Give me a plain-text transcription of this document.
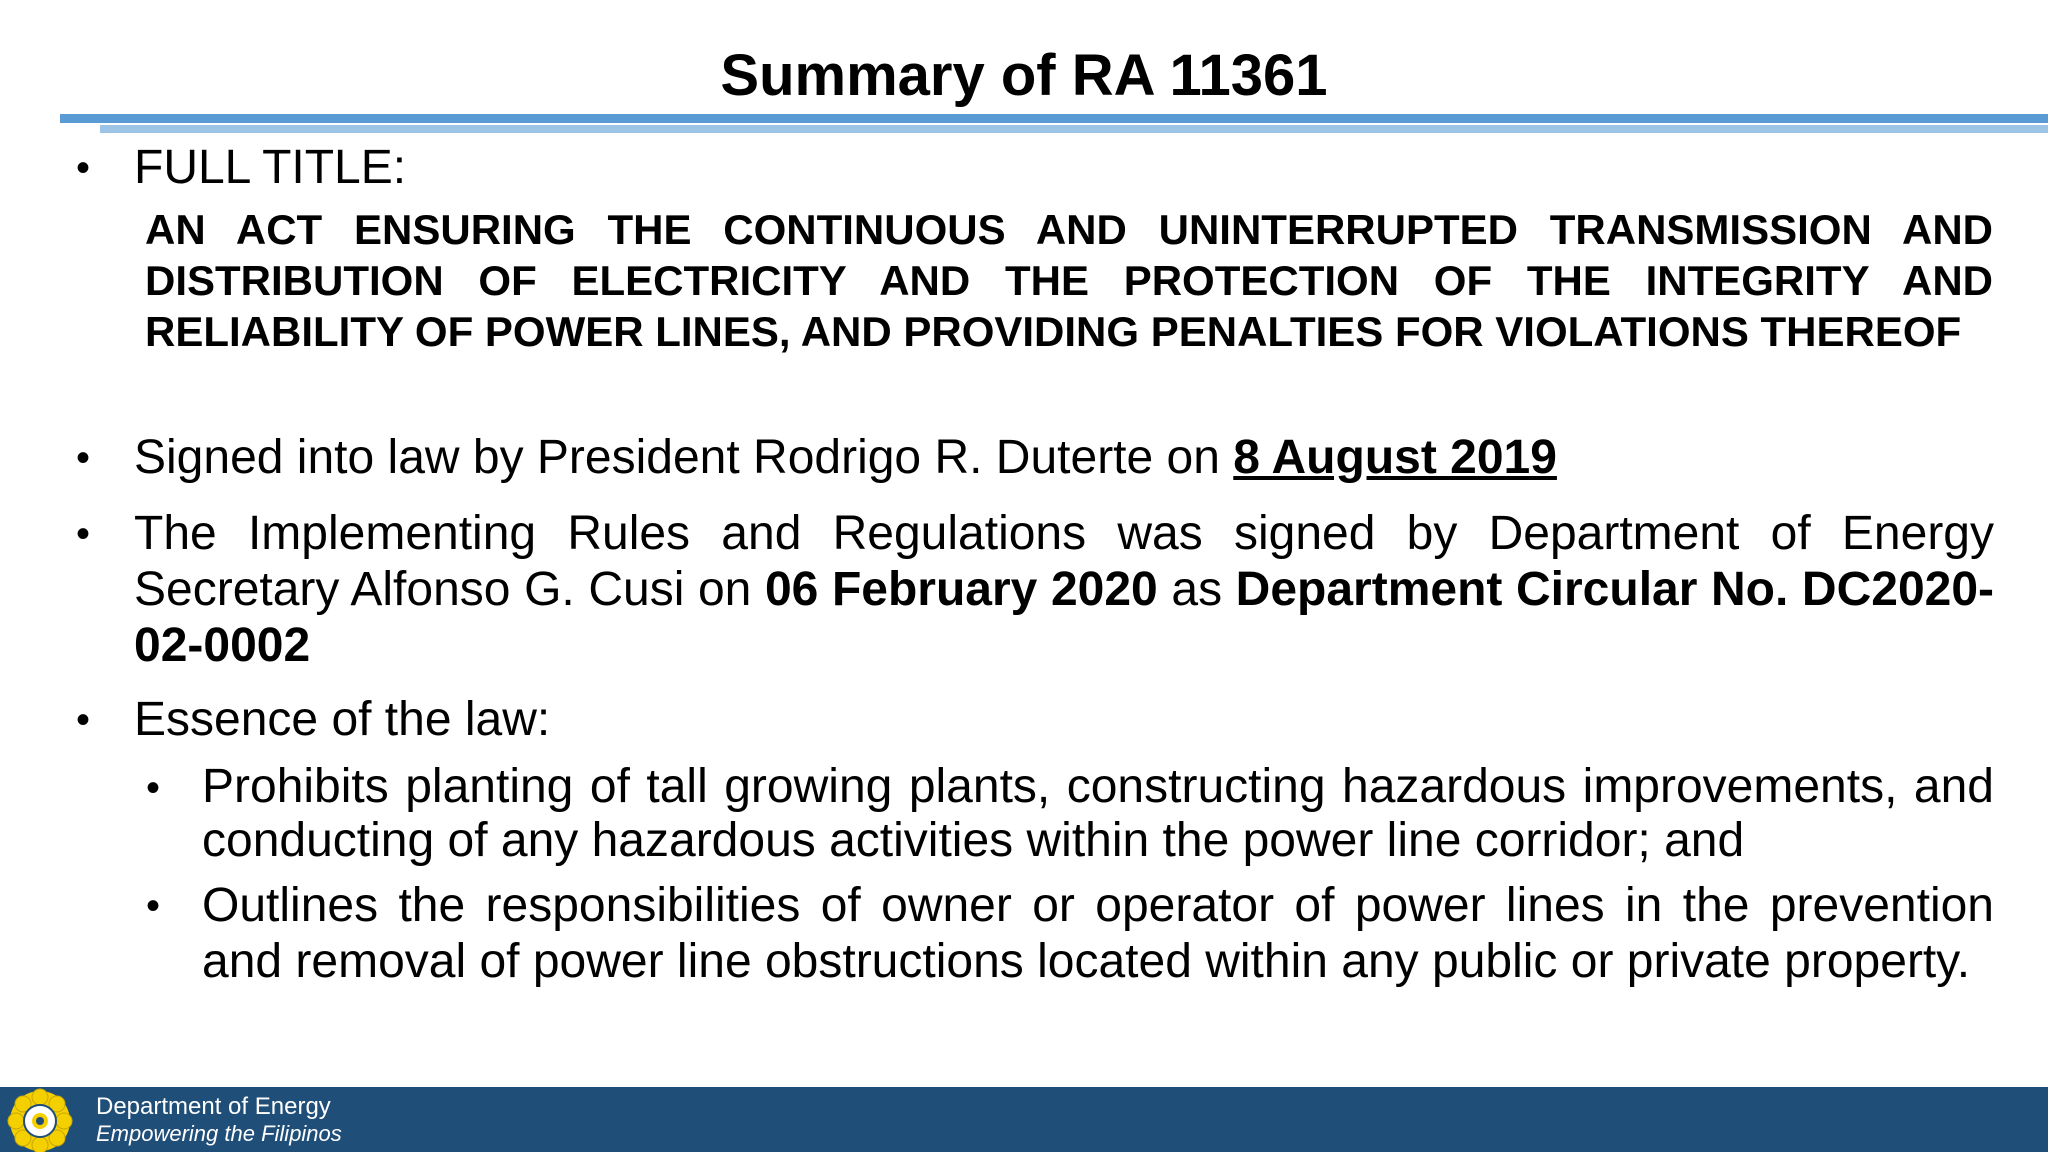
Summary of RA 11361
• FULL TITLE:
AN ACT ENSURING THE CONTINUOUS AND UNINTERRUPTED TRANSMISSION AND DISTRIBUTION OF ELECTRICITY AND THE PROTECTION OF THE INTEGRITY AND RELIABILITY OF POWER LINES, AND PROVIDING PENALTIES FOR VIOLATIONS THEREOF
• Signed into law by President Rodrigo R. Duterte on 8 August 2019
• The Implementing Rules and Regulations was signed by Department of Energy Secretary Alfonso G. Cusi on 06 February 2020 as Department Circular No. DC2020-02-0002
• Essence of the law:
• Prohibits planting of tall growing plants, constructing hazardous improvements, and conducting of any hazardous activities within the power line corridor; and
• Outlines the responsibilities of owner or operator of power lines in the prevention and removal of power line obstructions located within any public or private property.
Department of Energy
Empowering the Filipinos
